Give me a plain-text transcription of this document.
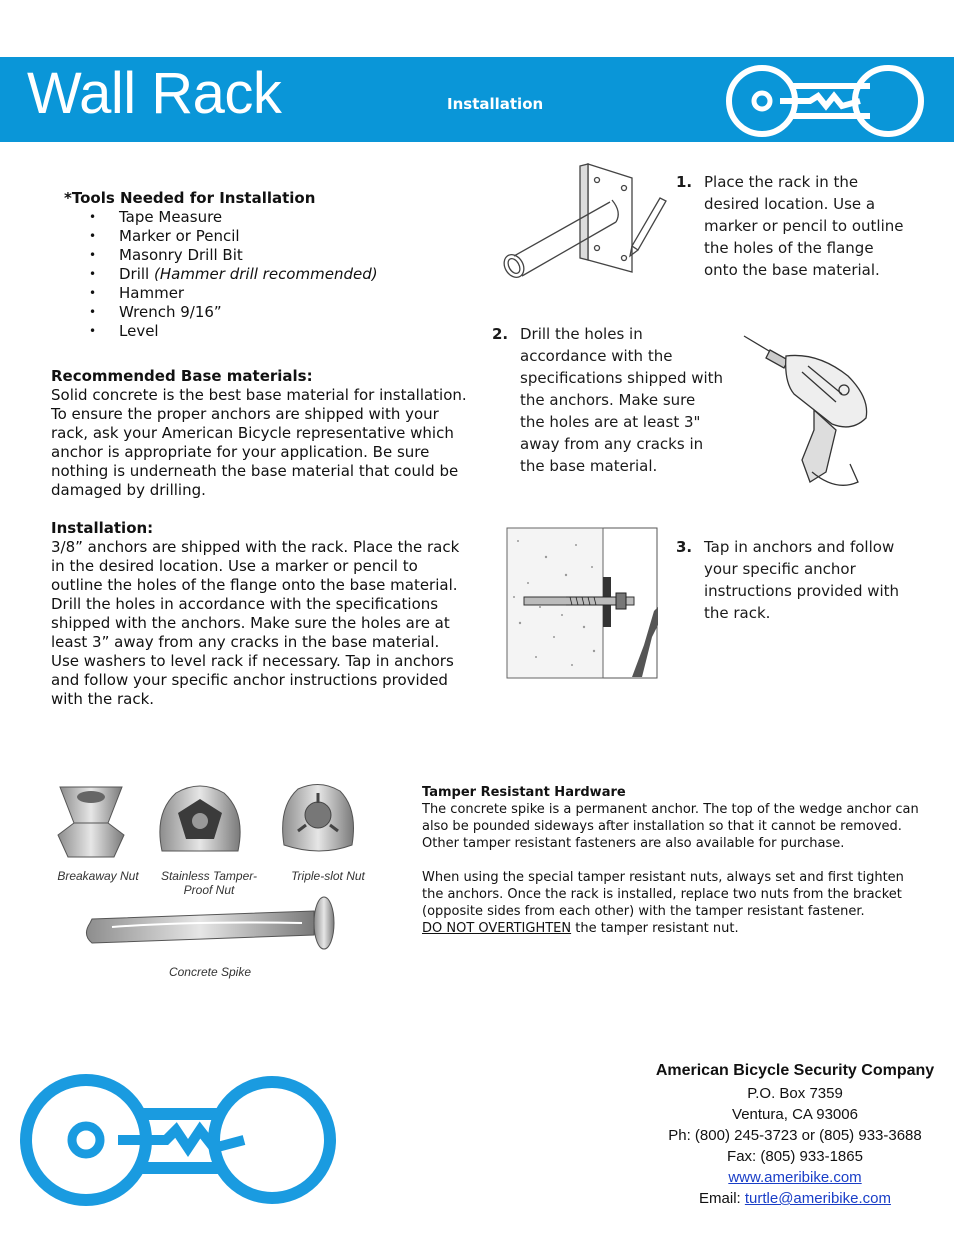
Wall Rack	Installation
*Tools Needed for Installation
• Tape Measure
• Marker or Pencil
• Masonry Drill Bit
• Drill (Hammer drill recommended)
• Hammer
• Wrench 9/16”
• Level
Recommended Base materials:

Solid concrete is the best base material for installation. To ensure the proper anchors are shipped with your rack, ask your American Bicycle representative which anchor is appropriate for your application. Be sure nothing is underneath the base material that could be damaged by drilling.

Installation:

3/8” anchors are shipped with the rack. Place the rack in the desired location. Use a marker or pencil to outline the holes of the flange onto the base material. Drill the holes in accordance with the specifications shipped with the anchors. Make sure the holes are at least 3” away from any cracks in the base material. Use washers to level rack if necessary. Tap in anchors and follow your specific anchor instructions provided with the rack.

1. Place the rack in the
desired location. Use a
marker or pencil to outline
the holes of the flange
onto the base material.
2. Drill the holes in
accordance with the
specifications shipped with
the anchors. Make sure
the holes are at least 3"
away from any cracks in
the base material.
3. Tap in anchors and follow
your specific anchor
instructions provided with
the rack.
Breakaway Nut	Stainless Tamper-Proof Nut
Triple-slot Nut
Concrete Spike
Tamper Resistant Hardware

The concrete spike is a permanent anchor. The top of the wedge anchor can also be pounded sideways after installation so that it cannot be removed. Other tamper resistant fasteners are also available for purchase.

When using the special tamper resistant nuts, always set and first tighten the anchors. Once the rack is installed, replace two nuts from the bracket (opposite sides from each other) with the tamper resistant fastener.

DO NOT OVERTIGHTEN the tamper resistant nut.

American Bicycle Security Company
P.O. Box 7359
Ventura, CA 93006
Ph: (800) 245-3723 or (805) 933-3688
Fax: (805) 933-1865
www.ameribike.com
Email: turtle@ameribike.com
